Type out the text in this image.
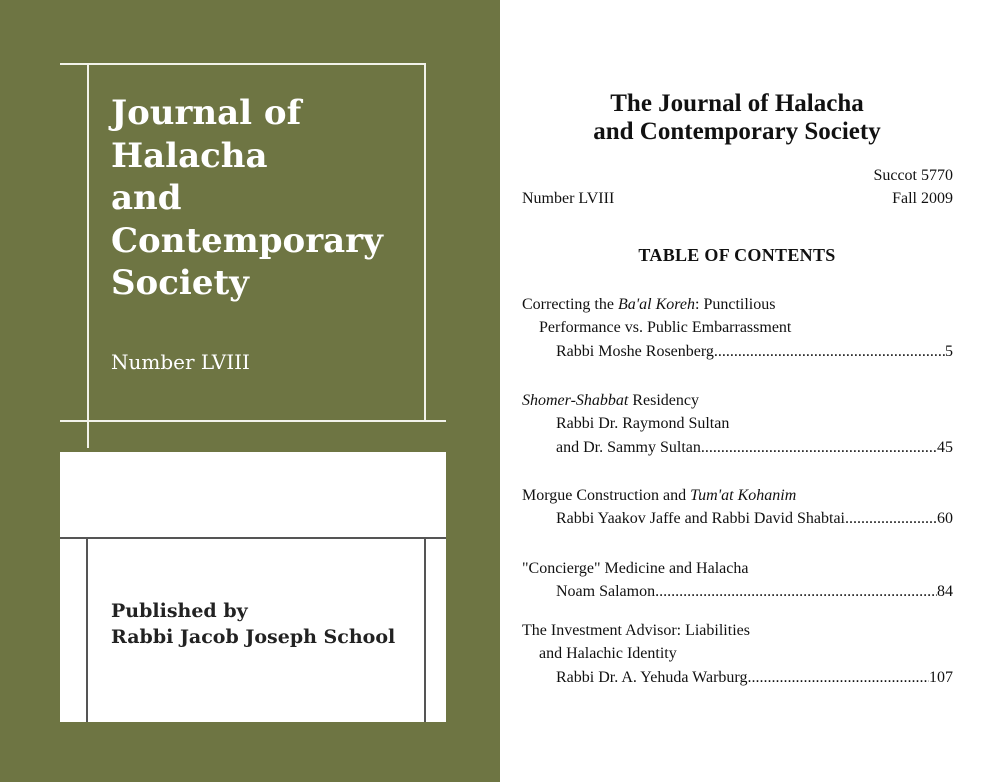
Journal of
Halacha
and
Contemporary
Society
Number LVIII
Published by
Rabbi Jacob Joseph School
The Journal of Halacha
and Contemporary Society
Succot 5770
Number LVIII	Fall 2009
TABLE OF CONTENTS
Correcting the Ba'al Koreh: Punctilious
Performance vs. Public Embarrassment
Rabbi Moshe Rosenberg .....	5
Shomer-Shabbat Residency
Rabbi Dr. Raymond Sultan
and Dr. Sammy Sultan .....	45
Morgue Construction and Tum'at Kohanim
Rabbi Yaakov Jaffe and Rabbi David Shabtai .....	60
"Concierge" Medicine and Halacha
Noam Salamon .....	84
The Investment Advisor: Liabilities
and Halachic Identity
Rabbi Dr. A. Yehuda Warburg .....	107
